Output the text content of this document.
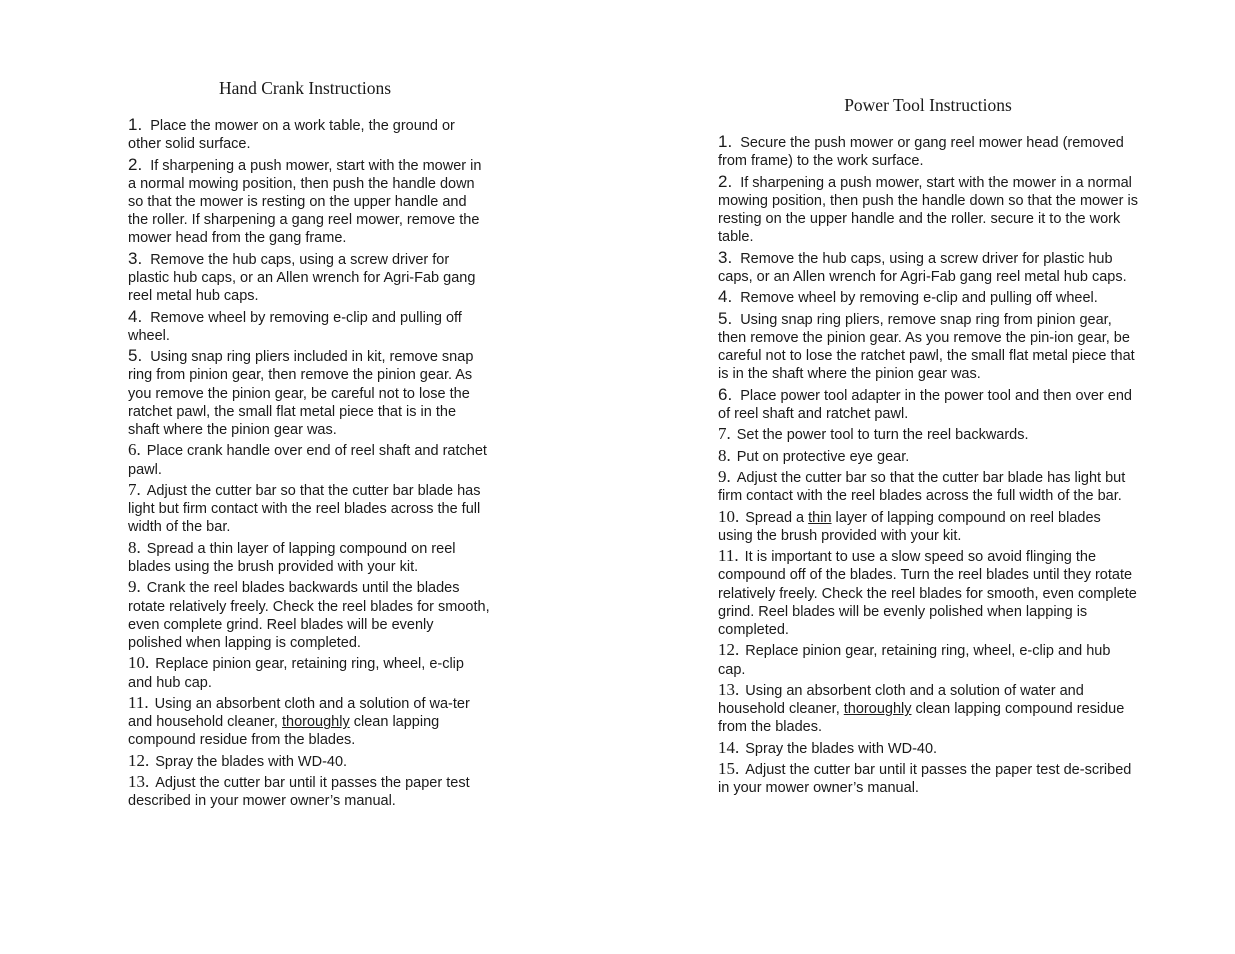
Hand Crank Instructions
1. Place the mower on a work table, the ground or other solid surface.
2. If sharpening a push mower, start with the mower in a normal mowing position, then push the handle down so that the mower is resting on the upper handle and the roller. If sharpening a gang reel mower, remove the mower head from the gang frame.
3. Remove the hub caps, using a screw driver for plastic hub caps, or an Allen wrench for Agri-Fab gang reel metal hub caps.
4. Remove wheel by removing e-clip and pulling off wheel.
5. Using snap ring pliers included in kit, remove snap ring from pinion gear, then remove the pinion gear. As you remove the pinion gear, be careful not to lose the ratchet pawl, the small flat metal piece that is in the shaft where the pinion gear was.
6. Place crank handle over end of reel shaft and ratchet pawl.
7. Adjust the cutter bar so that the cutter bar blade has light but firm contact with the reel blades across the full width of the bar.
8. Spread a thin layer of lapping compound on reel blades using the brush provided with your kit.
9. Crank the reel blades backwards until the blades rotate relatively freely. Check the reel blades for smooth, even complete grind. Reel blades will be evenly polished when lapping is completed.
10. Replace pinion gear, retaining ring, wheel, e-clip and hub cap.
11. Using an absorbent cloth and a solution of wa-ter and household cleaner, thoroughly clean lapping compound residue from the blades.
12. Spray the blades with WD-40.
13. Adjust the cutter bar until it passes the paper test described in your mower owner’s manual.
Power Tool Instructions
1. Secure the push mower or gang reel mower head (removed from frame) to the work surface.
2. If sharpening a push mower, start with the mower in a normal mowing position, then push the handle down so that the mower is resting on the upper handle and the roller. secure it to the work table.
3. Remove the hub caps, using a screw driver for plastic hub caps, or an Allen wrench for Agri-Fab gang reel metal hub caps.
4. Remove wheel by removing e-clip and pulling off wheel.
5. Using snap ring pliers, remove snap ring from pinion gear, then remove the pinion gear. As you remove the pin-ion gear, be careful not to lose the ratchet pawl, the small flat metal piece that is in the shaft where the pinion gear was.
6. Place power tool adapter in the power tool and then over end of reel shaft and ratchet pawl.
7. Set the power tool to turn the reel backwards.
8. Put on protective eye gear.
9. Adjust the cutter bar so that the cutter bar blade has light but firm contact with the reel blades across the full width of the bar.
10. Spread a thin layer of lapping compound on reel blades using the brush provided with your kit.
11. It is important to use a slow speed so avoid flinging the compound off of the blades. Turn the reel blades until they rotate relatively freely. Check the reel blades for smooth, even complete grind. Reel blades will be evenly polished when lapping is completed.
12. Replace pinion gear, retaining ring, wheel, e-clip and hub cap.
13. Using an absorbent cloth and a solution of water and household cleaner, thoroughly clean lapping compound residue from the blades.
14. Spray the blades with WD-40.
15. Adjust the cutter bar until it passes the paper test de-scribed in your mower owner’s manual.
